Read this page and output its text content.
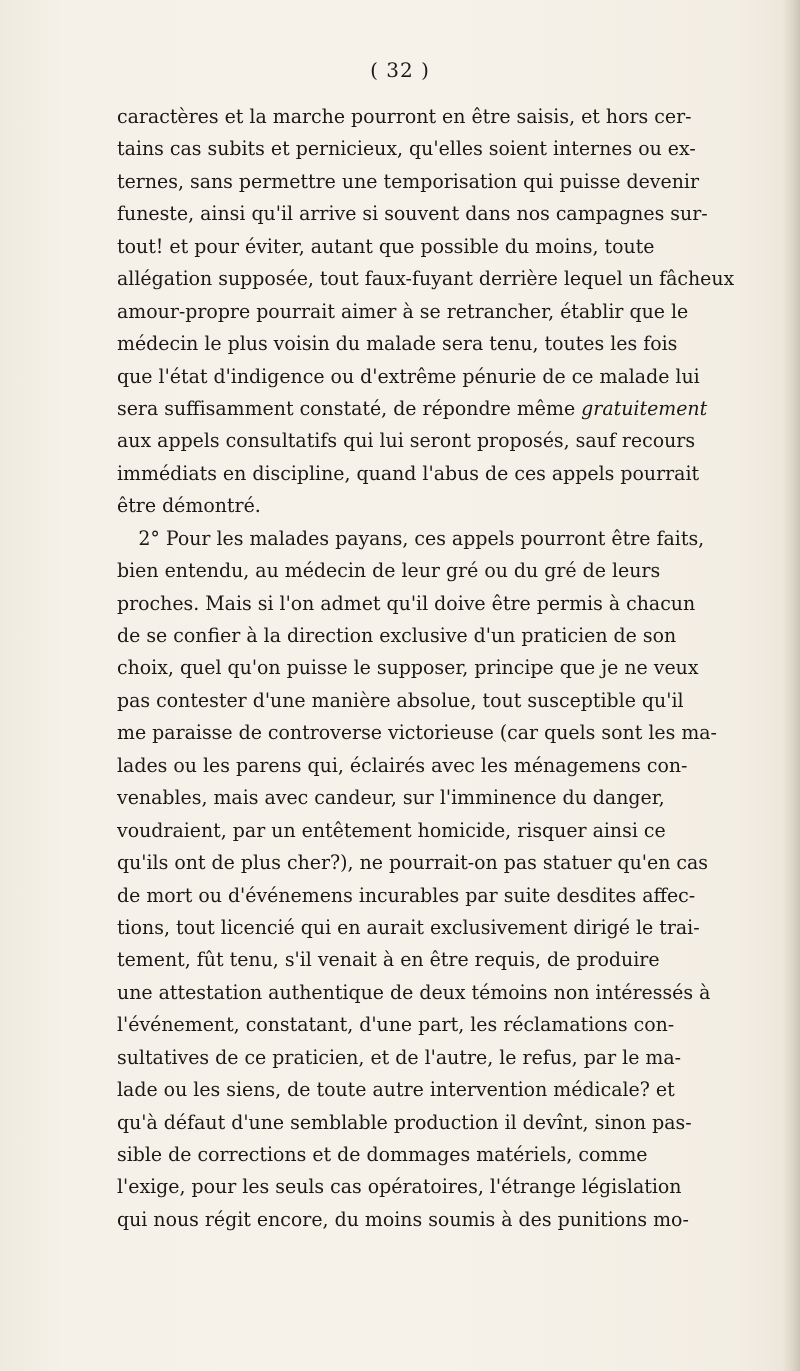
( 32 )

caractères et la marche pourront en être saisis, et hors cer-

tains cas subits et pernicieux, qu'elles soient internes ou ex-

ternes, sans permettre une temporisation qui puisse devenir

funeste, ainsi qu'il arrive si souvent dans nos campagnes sur-

tout! et pour éviter, autant que possible du moins, toute

allégation supposée, tout faux-fuyant derrière lequel un fâcheux

amour-propre pourrait aimer à se retrancher, établir que le

médecin le plus voisin du malade sera tenu, toutes les fois

que l'état d'indigence ou d'extrême pénurie de ce malade lui

sera suffisamment constaté, de répondre même gratuitement

aux appels consultatifs qui lui seront proposés, sauf recours

immédiats en discipline, quand l'abus de ces appels pourrait

être démontré.

2° Pour les malades payans, ces appels pourront être faits,

bien entendu, au médecin de leur gré ou du gré de leurs

proches. Mais si l'on admet qu'il doive être permis à chacun

de se confier à la direction exclusive d'un praticien de son

choix, quel qu'on puisse le supposer, principe que je ne veux

pas contester d'une manière absolue, tout susceptible qu'il

me paraisse de controverse victorieuse (car quels sont les ma-

lades ou les parens qui, éclairés avec les ménagemens con-

venables, mais avec candeur, sur l'imminence du danger,

voudraient, par un entêtement homicide, risquer ainsi ce

qu'ils ont de plus cher?), ne pourrait-on pas statuer qu'en cas

de mort ou d'événemens incurables par suite desdites affec-

tions, tout licencié qui en aurait exclusivement dirigé le trai-

tement, fût tenu, s'il venait à en être requis, de produire

une attestation authentique de deux témoins non intéressés à

l'événement, constatant, d'une part, les réclamations con-

sultatives de ce praticien, et de l'autre, le refus, par le ma-

lade ou les siens, de toute autre intervention médicale? et

qu'à défaut d'une semblable production il devînt, sinon pas-

sible de corrections et de dommages matériels, comme

l'exige, pour les seuls cas opératoires, l'étrange législation

qui nous régit encore, du moins soumis à des punitions mo-
